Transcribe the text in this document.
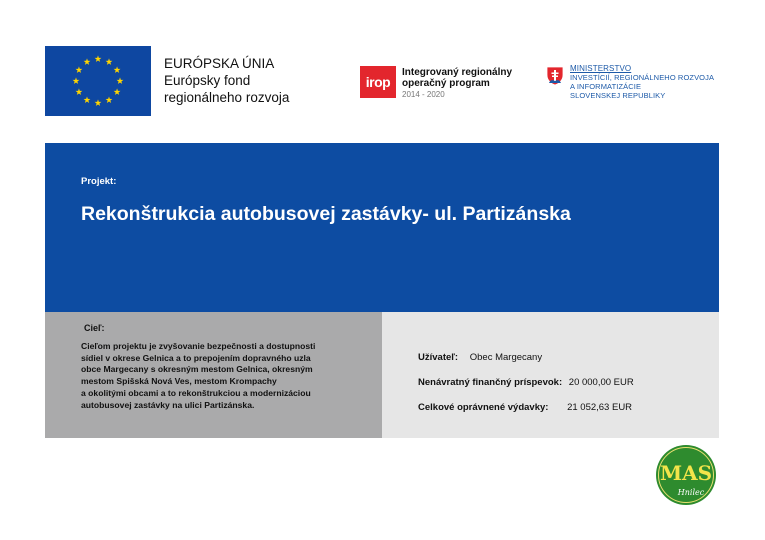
EURÓPSKA ÚNIA
Európsky fond
regionálneho rozvoja
irop
Integrovaný regionálny
operačný program
2014 - 2020
MINISTERSTVO
INVESTÍCIÍ, REGIONÁLNEHO ROZVOJA
A INFORMATIZÁCIE
SLOVENSKEJ REPUBLIKY
Projekt:
Rekonštrukcia autobusovej zastávky- ul. Partizánska
Cieľ:
Cieľom projektu je zvyšovanie bezpečnosti a dostupnosti
sídiel v okrese Gelnica a to prepojením dopravného uzla
obce Margecany s okresným mestom Gelnica, okresným
mestom Spišská Nová Ves, mestom Krompachy
a okolitými obcami a to rekonštrukciou a modernizáciou
autobusovej zastávky na ulici Partizánska.
Užívateľ: Obec Margecany
Nenávratný finančný príspevok: 20 000,00 EUR
Celkové oprávnené výdavky: 21 052,63 EUR
MAS
Hnilec
